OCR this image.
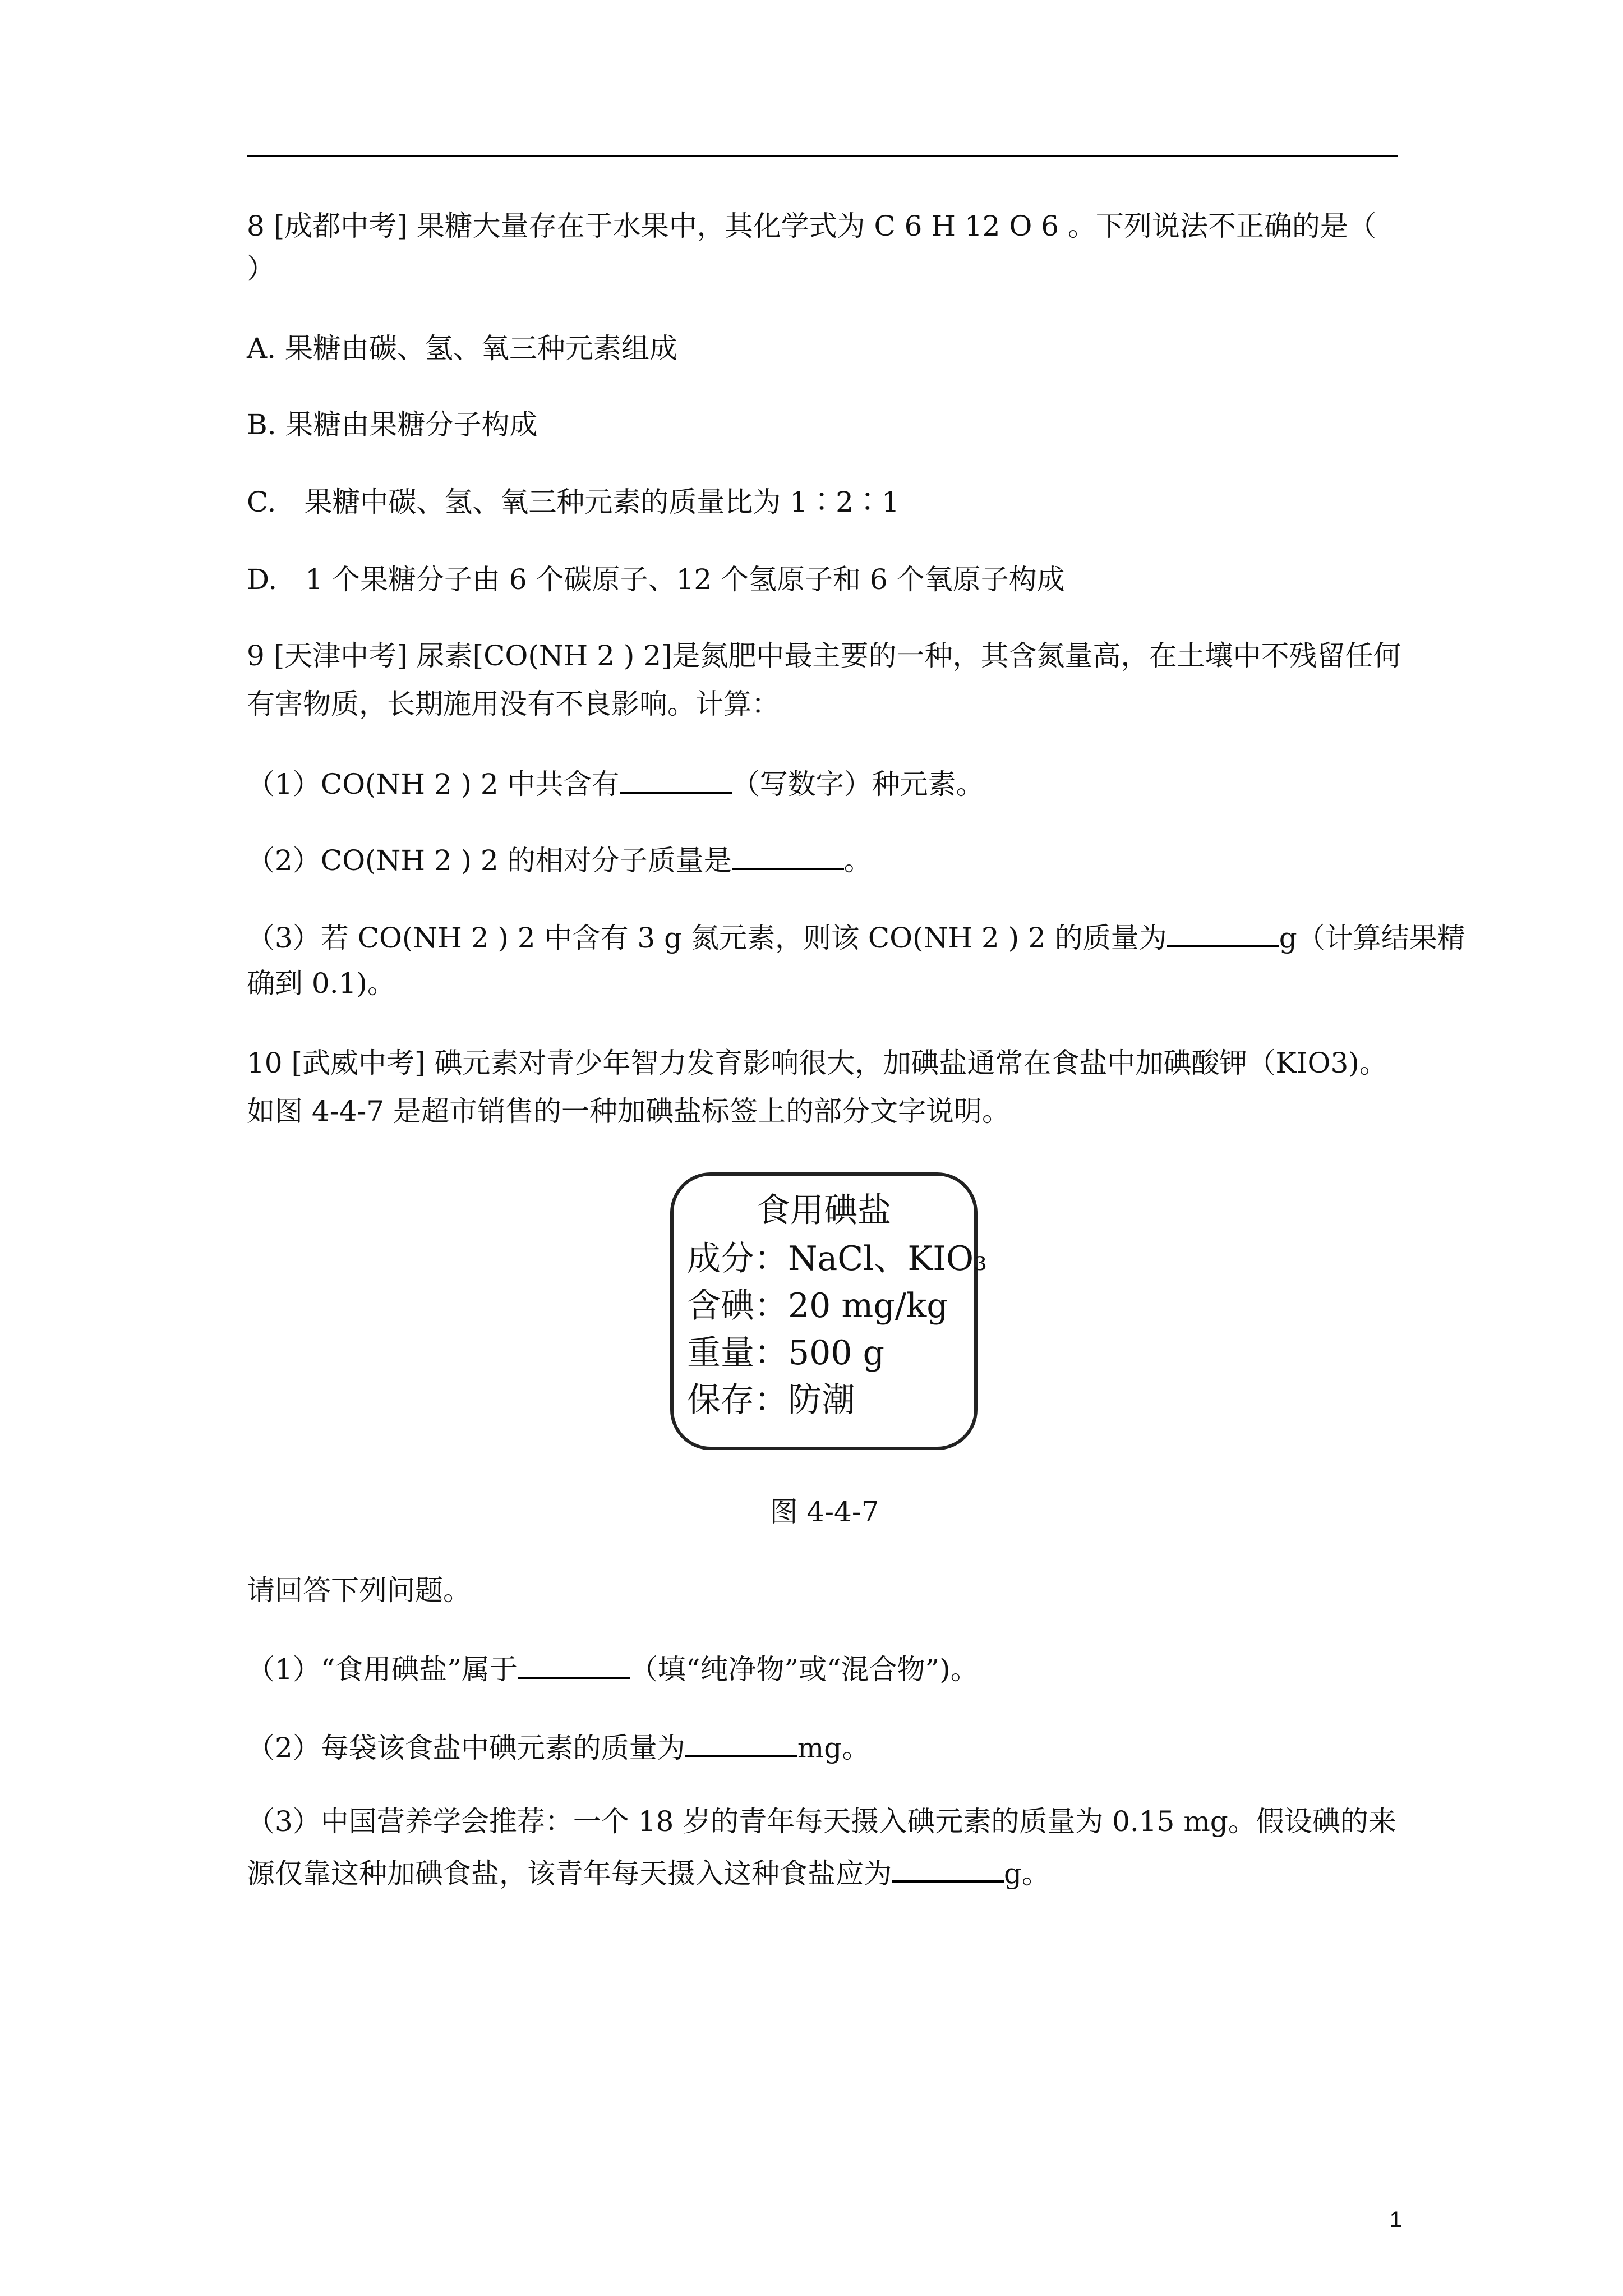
8 [成都中考] 果糖大量存在于水果中，其化学式为 C 6 H 12 O 6 。下列说法不正确的是（
）
A. 果糖由碳、氢、氧三种元素组成
B. 果糖由果糖分子构成
C.　果糖中碳、氢、氧三种元素的质量比为 1∶2∶1
D.　1 个果糖分子由 6 个碳原子、12 个氢原子和 6 个氧原子构成
9 [天津中考] 尿素[CO(NH 2 ) 2]是氮肥中最主要的一种，其含氮量高，在土壤中不残留任何
有害物质，长期施用没有不良影响。计算：
（1）CO(NH 2 ) 2 中共含有	（写数字）种元素。
（2）CO(NH 2 ) 2 的相对分子质量是	。
（3）若 CO(NH 2 ) 2 中含有 3 g 氮元素，则该 CO(NH 2 ) 2 的质量为	g（计算结果精
确到 0.1)。
10 [武威中考] 碘元素对青少年智力发育影响很大，加碘盐通常在食盐中加碘酸钾（KIO3)。
如图 4-4-7 是超市销售的一种加碘盐标签上的部分文字说明。
食用碘盐
成分：NaCl、KIO₃
含碘：20 mg/kg
重量：500 g
保存：防潮
图 4-4-7
请回答下列问题。
（1）“食用碘盐”属于	（填“纯净物”或“混合物”)。
（2）每袋该食盐中碘元素的质量为	mg。
（3）中国营养学会推荐：一个 18 岁的青年每天摄入碘元素的质量为 0.15 mg。假设碘的来
源仅靠这种加碘食盐，该青年每天摄入这种食盐应为	g。
1
